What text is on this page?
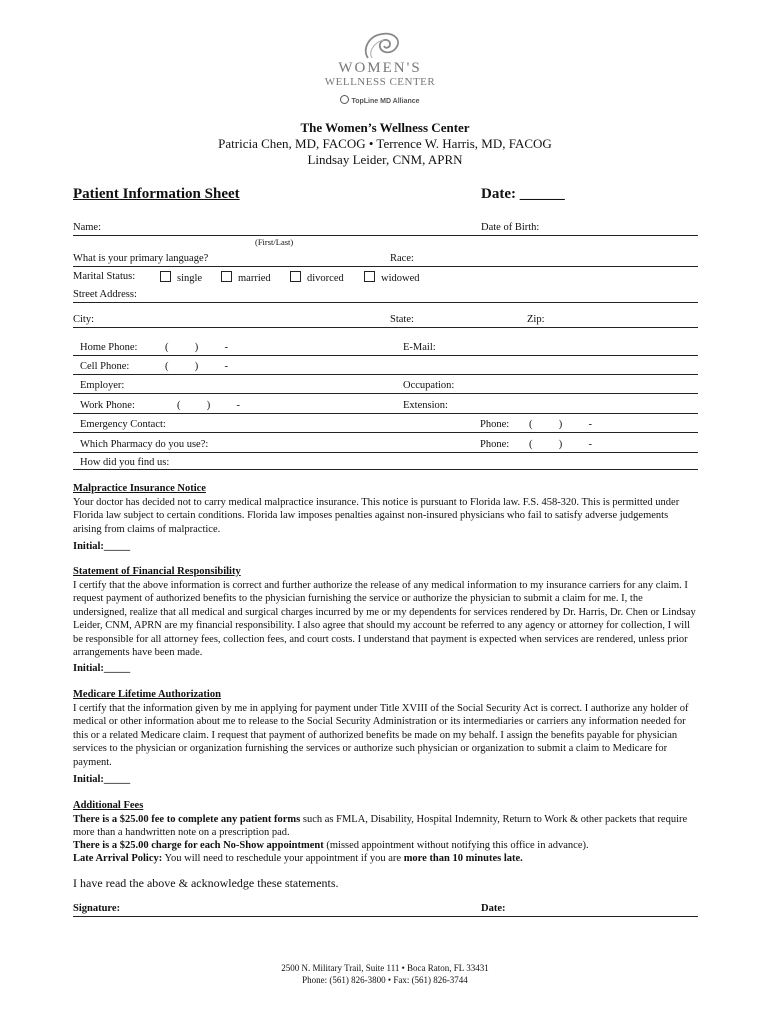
WOMEN'S
WELLNESS CENTER
TopLine MD Alliance
The Women’s Wellness Center
Patricia Chen, MD, FACOG • Terrence W. Harris, MD, FACOG
Lindsay Leider, CNM, APRN
Patient Information Sheet	Date: ______
Name:	Date of Birth:
(First/Last)
What is your primary language?	Race:
Marital Status:	single	married	divorced	widowed
Street Address:
City:	State:	Zip:
Home Phone:	(          )          -	E-Mail:
Cell Phone:	(          )          -
Employer:	Occupation:
Work Phone:	(          )          -	Extension:
Emergency Contact:	Phone: (          )          -
Which Pharmacy do you use?:	Phone: (          )          -
How did you find us:
Malpractice Insurance Notice
Your doctor has decided not to carry medical malpractice insurance. This notice is pursuant to Florida law. F.S. 458-320. This is permitted under Florida law subject to certain conditions. Florida law imposes penalties against non-insured physicians who fail to satisfy adverse judgements arising from claims of malpractice.
Initial:_____
Statement of Financial Responsibility
I certify that the above information is correct and further authorize the release of any medical information to my insurance carriers for any claim. I request payment of authorized benefits to the physician furnishing the service or authorize the physician to submit a claim for me. I, the undersigned, realize that all medical and surgical charges incurred by me or my dependents for services rendered by Dr. Harris, Dr. Chen or Lindsay Leider, CNM, APRN are my financial responsibility. I also agree that should my account be referred to any agency or attorney for collection, I will be responsible for all attorney fees, collection fees, and court costs. I understand that payment is expected when services are rendered, unless prior arrangements have been made.
Initial:_____
Medicare Lifetime Authorization
I certify that the information given by me in applying for payment under Title XVIII of the Social Security Act is correct. I authorize any holder of medical or other information about me to release to the Social Security Administration or its intermediaries or carriers any information needed for this or a related Medicare claim. I request that payment of authorized benefits be made on my behalf. I assign the benefits payable for physician services to the physician or organization furnishing the services or authorize such physician or organization to submit a claim to Medicare for payment.
Initial:_____
Additional Fees
There is a $25.00 fee to complete any patient forms such as FMLA, Disability, Hospital Indemnity, Return to Work & other packets that require more than a handwritten note on a prescription pad.
There is a $25.00 charge for each No-Show appointment (missed appointment without notifying this office in advance).
Late Arrival Policy: You will need to reschedule your appointment if you are more than 10 minutes late.
I have read the above & acknowledge these statements.
Signature:	Date:
2500 N. Military Trail, Suite 111 • Boca Raton, FL 33431
Phone: (561) 826-3800 • Fax: (561) 826-3744
